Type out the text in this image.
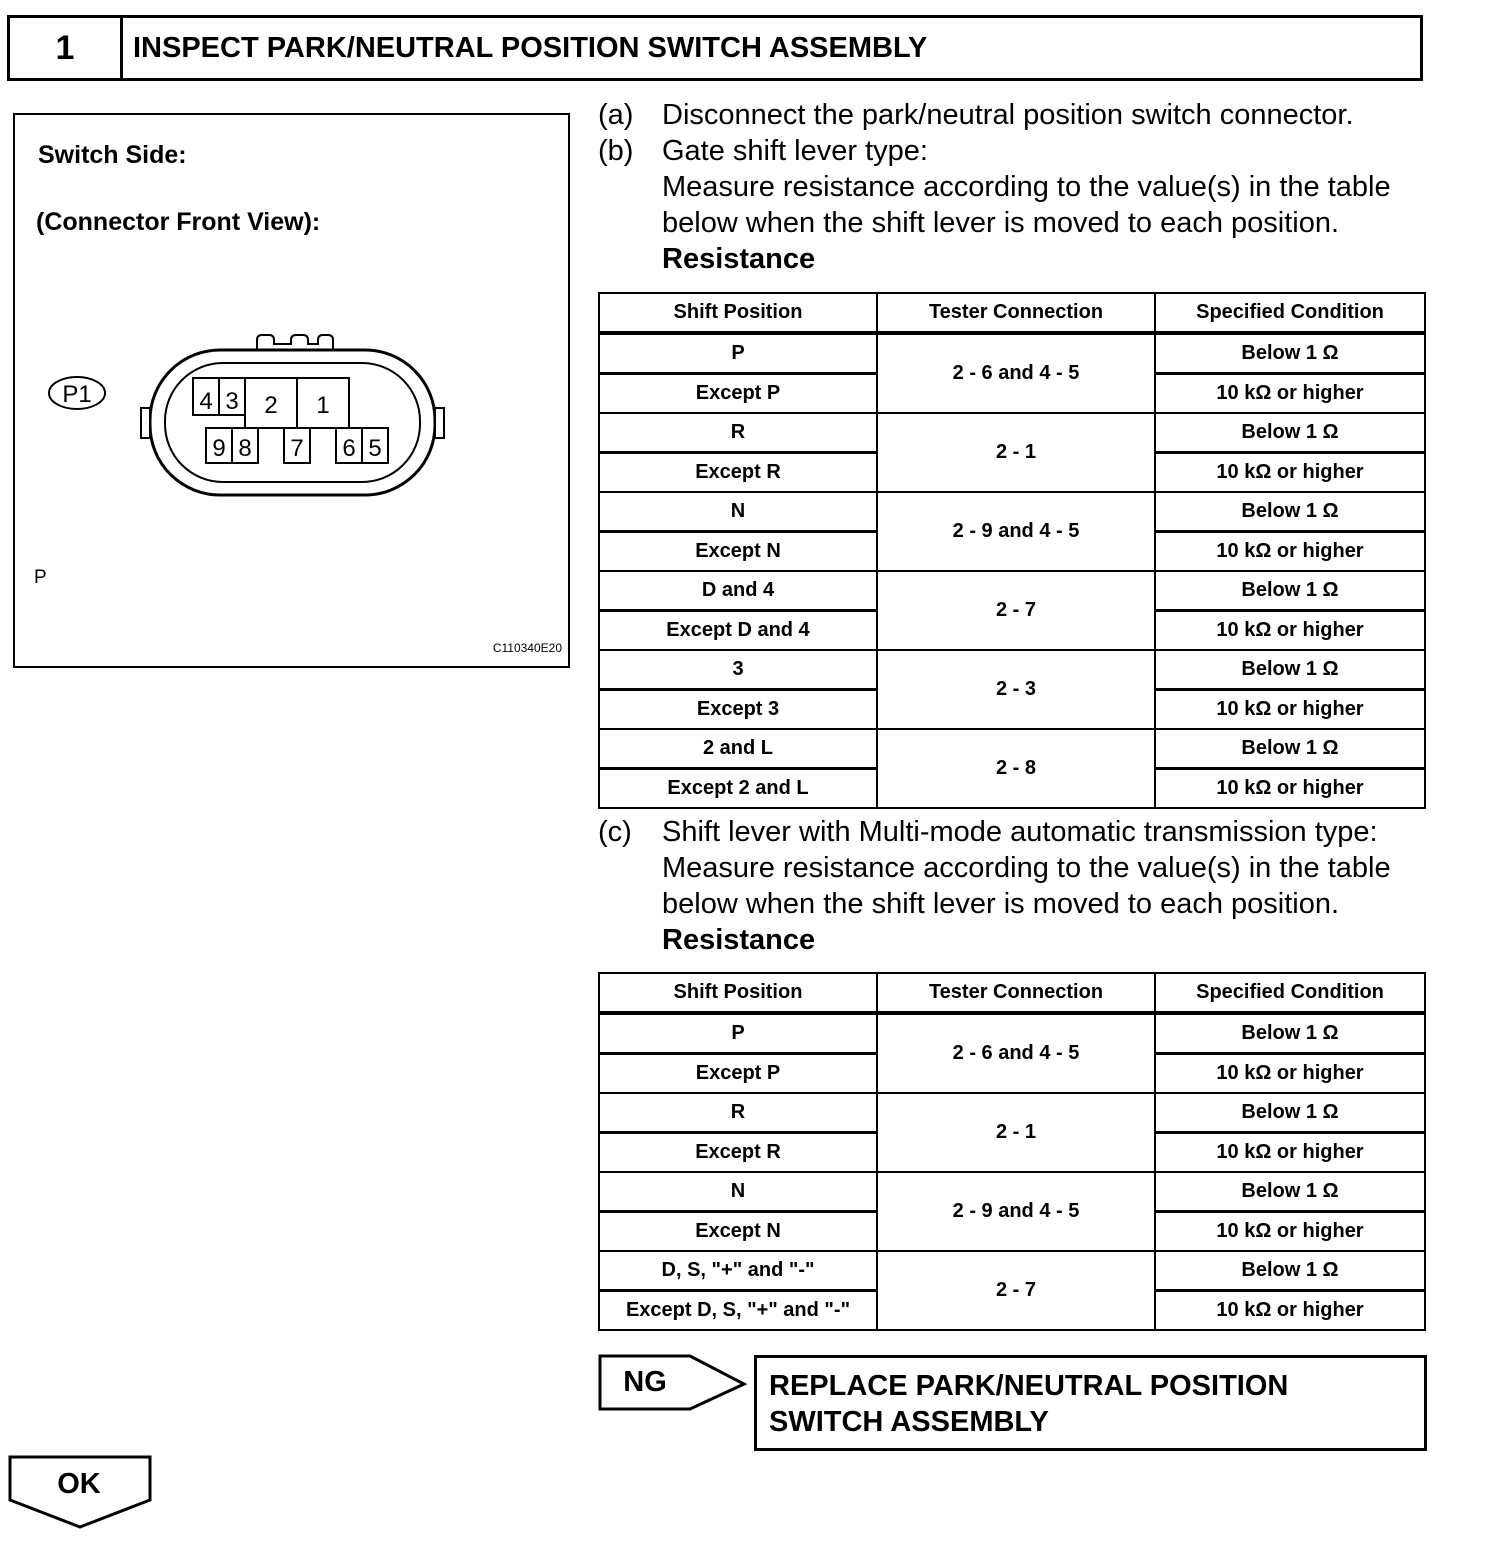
1	INSPECT PARK/NEUTRAL POSITION SWITCH ASSEMBLY
Switch Side:
(Connector Front View):
P1	4 3 2 1
9 8 7 6 5
P
C110340E20
(a) Disconnect the park/neutral position switch connector.
(b) Gate shift lever type:
Measure resistance according to the value(s) in the table
below when the shift lever is moved to each position.
Resistance
Shift Position	Tester Connection	Specified Condition
P	2 - 6 and 4 - 5	Below 1 Ω
Except P		10 kΩ or higher
R	2 - 1	Below 1 Ω
Except R		10 kΩ or higher
N	2 - 9 and 4 - 5	Below 1 Ω
Except N		10 kΩ or higher
D and 4	2 - 7	Below 1 Ω
Except D and 4		10 kΩ or higher
3	2 - 3	Below 1 Ω
Except 3		10 kΩ or higher
2 and L	2 - 8	Below 1 Ω
Except 2 and L		10 kΩ or higher
(c)	Shift lever with Multi-mode automatic transmission type:
Measure resistance according to the value(s) in the table
below when the shift lever is moved to each position.
Resistance
Shift Position	Tester Connection	Specified Condition
P	2 - 6 and 4 - 5	Below 1 Ω
Except P		10 kΩ or higher
R	2 - 1	Below 1 Ω
Except R		10 kΩ or higher
N	2 - 9 and 4 - 5	Below 1 Ω
Except N		10 kΩ or higher
D, S, "+" and "-"	2 - 7	Below 1 Ω
Except D, S, "+" and "-"		10 kΩ or higher
NG	REPLACE PARK/NEUTRAL POSITION
SWITCH ASSEMBLY
OK
